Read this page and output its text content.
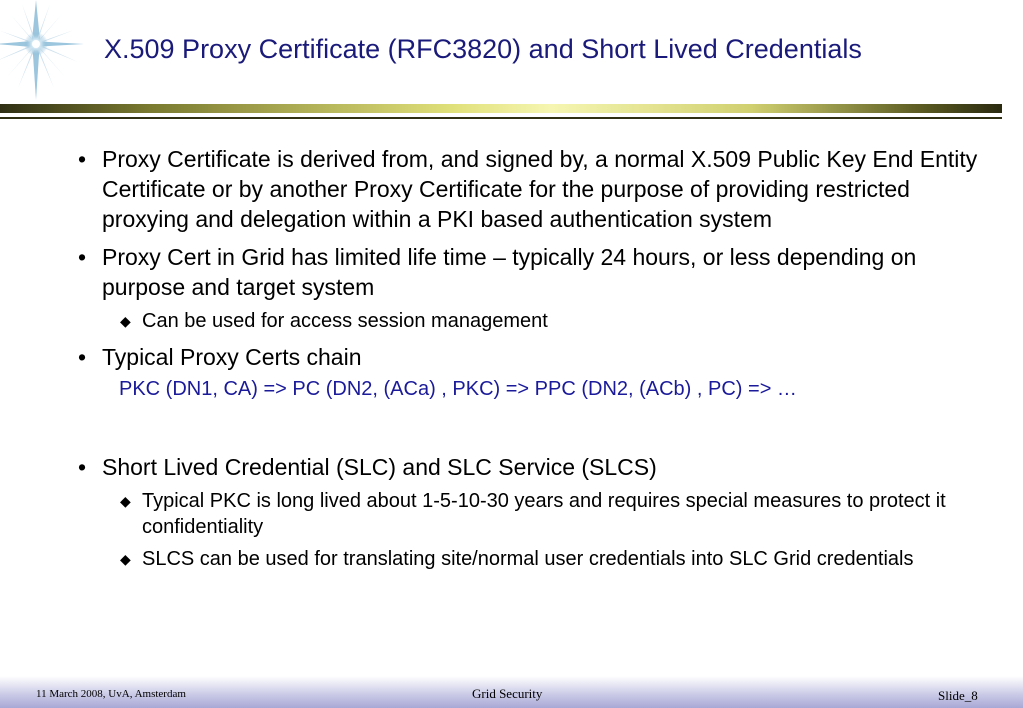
X.509 Proxy Certificate (RFC3820) and Short Lived Credentials
• Proxy Certificate is derived from, and signed by, a normal X.509 Public Key End Entity Certificate or by another Proxy Certificate for the purpose of providing restricted proxying and delegation within a PKI based authentication system
• Proxy Cert in Grid has limited life time – typically 24 hours, or less depending on purpose and target system
◆ Can be used for access session management
• Typical Proxy Certs chain
PKC (DN1, CA) => PC (DN2, (ACa) , PKC) => PPC (DN2, (ACb) , PC) => …
• Short Lived Credential (SLC) and SLC Service (SLCS)
◆ Typical PKC is long lived about 1-5-10-30 years and requires special measures to protect it confidentiality
◆ SLCS can be used for translating site/normal user credentials into SLC Grid credentials
11 March 2008, UvA, Amsterdam	Grid Security	Slide_8
